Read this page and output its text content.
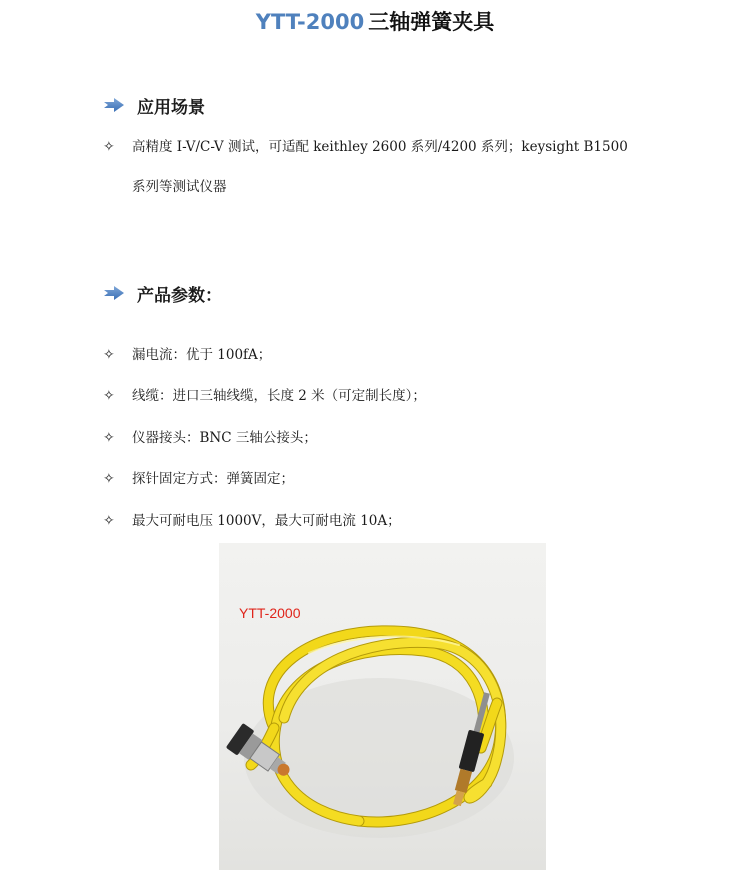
YTT-2000 三轴弹簧夹具
应用场景
✧ 高精度 I-V/C-V 测试，可适配 keithley 2600 系列/4200 系列；keysight B1500
系列等测试仪器
产品参数：
✧ 漏电流：优于 100fA；
✧ 线缆：进口三轴线缆，长度 2 米（可定制长度）；
✧ 仪器接头：BNC 三轴公接头；
✧ 探针固定方式：弹簧固定；
✧ 最大可耐电压 1000V，最大可耐电流 10A；
YTT-2000
